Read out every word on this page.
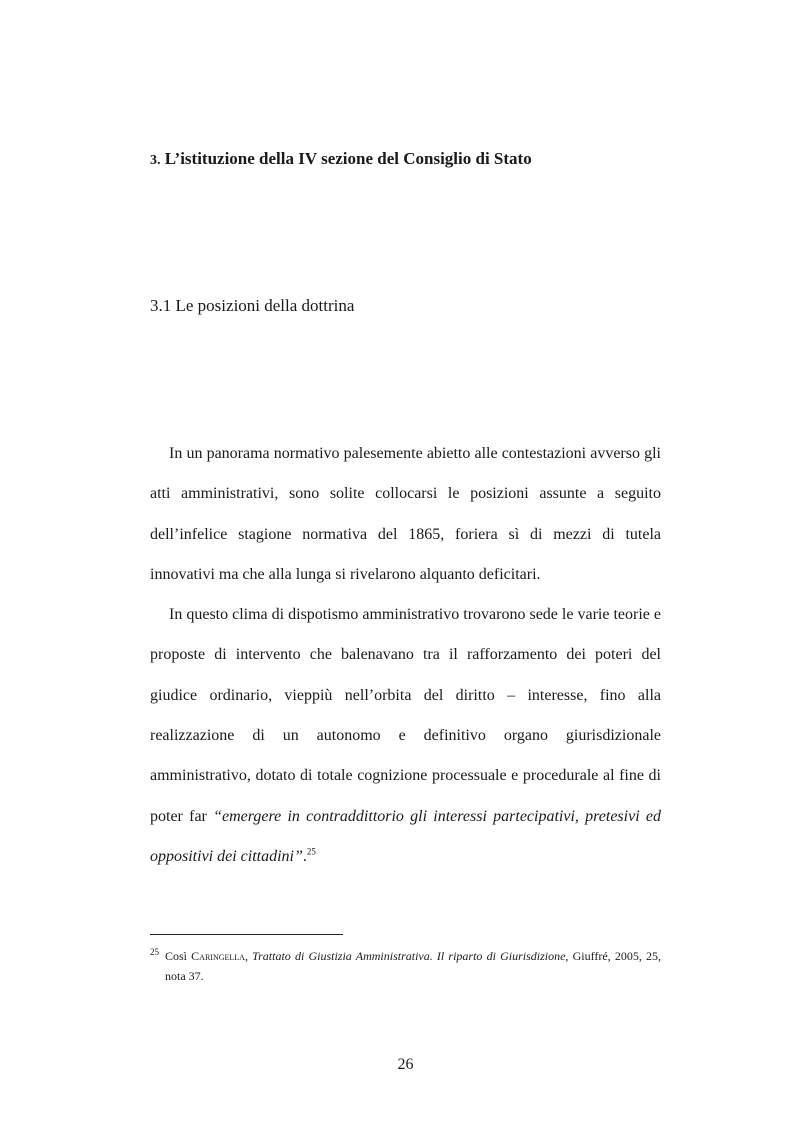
3. L’istituzione della IV sezione del Consiglio di Stato
3.1 Le posizioni della dottrina

In un panorama normativo palesemente abietto alle contestazioni avverso gli atti amministrativi, sono solite collocarsi le posizioni assunte a seguito dell’infelice stagione normativa del 1865, foriera sì di mezzi di tutela innovativi ma che alla lunga si rivelarono alquanto deficitari.

In questo clima di dispotismo amministrativo trovarono sede le varie teorie e proposte di intervento che balenavano tra il rafforzamento dei poteri del giudice ordinario, vieppiù nell’orbita del diritto – interesse, fino alla realizzazione di un autonomo e definitivo organo giurisdizionale amministrativo, dotato di totale cognizione processuale e procedurale al fine di poter far “emergere in contraddittorio gli interessi partecipativi, pretesivi ed oppositivi dei cittadini”.$^{25}$

$^{25}$ Così Caringella, Trattato di Giustizia Amministrativa. Il riparto di Giurisdizione, Giuffré, 2005, 25, nota 37.
26
